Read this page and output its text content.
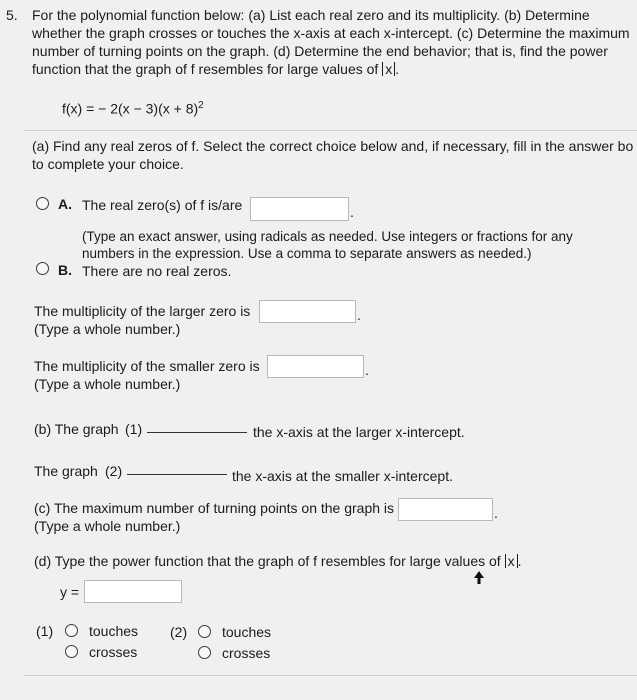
5. For the polynomial function below: (a) List each real zero and its multiplicity. (b) Determine
whether the graph crosses or touches the x-axis at each x-intercept. (c) Determine the maximum
number of turning points on the graph. (d) Determine the end behavior; that is, find the power
function that the graph of f resembles for large values of x .
f(x) = − $2(x - 3)(x + 8)^2$
(a) Find any real zeros of f. Select the correct choice below and, if necessary, fill in the answer bo
to complete your choice.
A. The real zero(s) of f is/are	.
(Type an exact answer, using radicals as needed. Use integers or fractions for any
numbers in the expression. Use a comma to separate answers as needed.)
B. There are no real zeros.
The multiplicity of the larger zero is	.
(Type a whole number.)
The multiplicity of the smaller zero is	.
(Type a whole number.)
(b) The graph (1)	the x-axis at the larger x-intercept.
The graph (2)	the x-axis at the smaller x-intercept.
(c) The maximum number of turning points on the graph is	.
(Type a whole number.)
(d) Type the power function that the graph of f resembles for large values of x .
y =
(1)	touches
crosses
(2) touches
crosses
